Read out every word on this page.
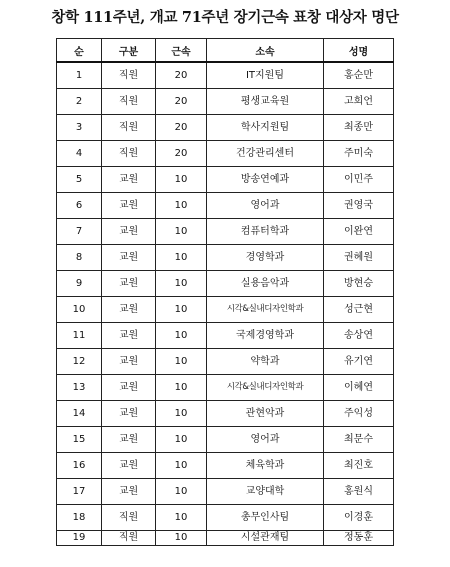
창학 111주년, 개교 71주년 장기근속 표창 대상자 명단
순	구분	근속	소속	성명
1	직원	20	IT지원팀	홍순만
2	직원	20	평생교육원	고희언
3	직원	20	학사지원팀	최종만
4	직원	20	건강관리센터	주미숙
5	교원	10	방송연예과	이민주
6	교원	10	영어과	권영국
7	교원	10	컴퓨터학과	이완연
8	교원	10	경영학과	권혜원
9	교원	10	실용음악과	방현승
10	교원	10	시각&실내디자인학과	성근현
11	교원	10	국제경영학과	송상연
12	교원	10	약학과	유기연
13	교원	10	시각&실내디자인학과	이혜연
14	교원	10	관현악과	주익성
15	교원	10	영어과	최문수
16	교원	10	체육학과	최진호
17	교원	10	교양대학	홍원식
18	직원	10	총무인사팀	이경훈
19	직원	10	시설관재팀	정동훈
